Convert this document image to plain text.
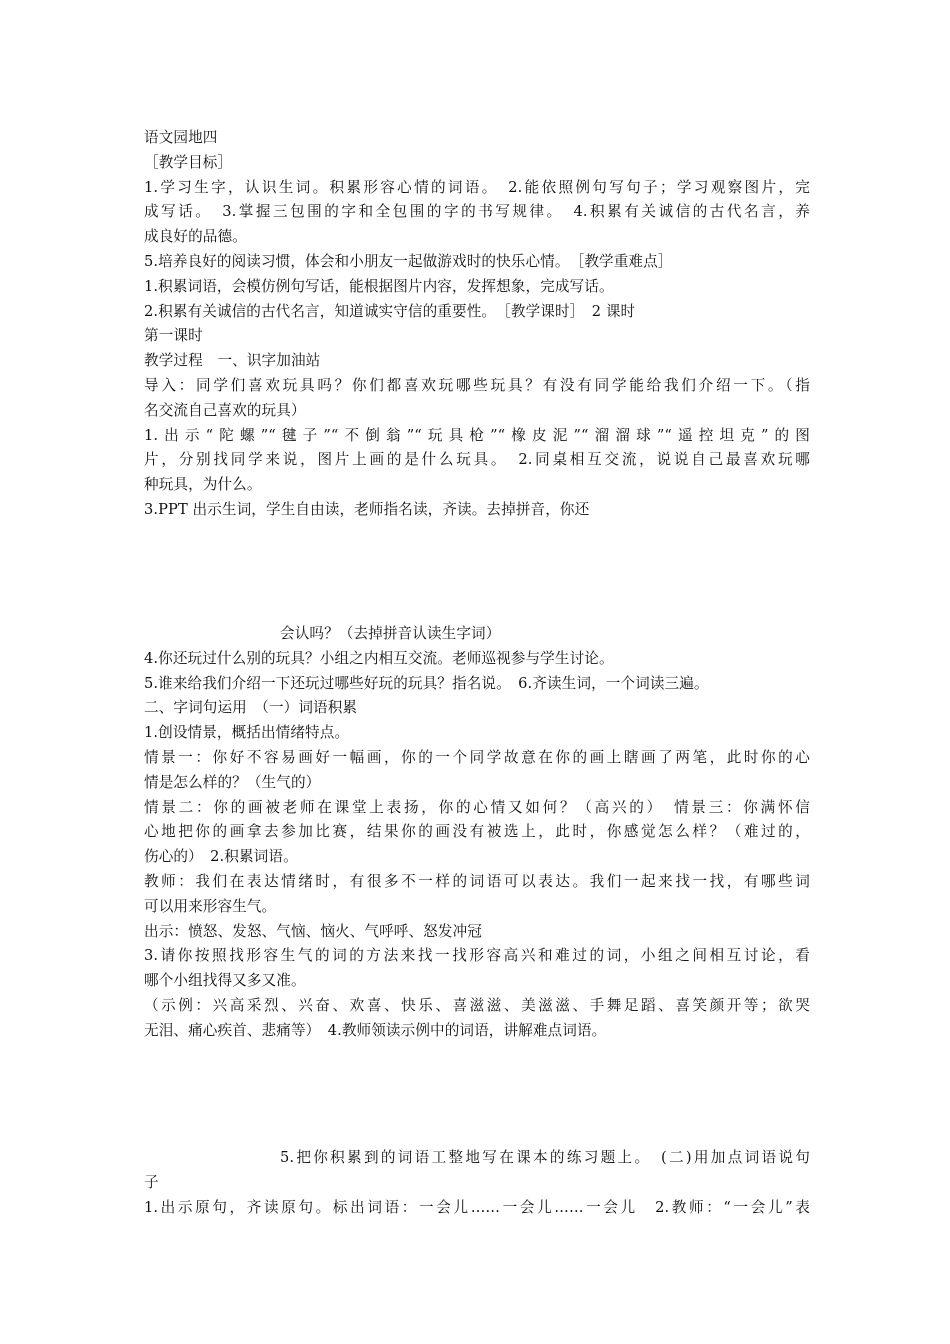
语文园地四
［教学目标］
1.学习生字，认识生词。积累形容心情的词语。　2.能依照例句写句子；学习观察图片，完
成写话。　3.掌握三包围的字和全包围的字的书写规律。　4.积累有关诚信的古代名言，养
成良好的品德。
5.培养良好的阅读习惯，体会和小朋友一起做游戏时的快乐心情。　［教学重难点］
1.积累词语，会模仿例句写话，能根据图片内容，发挥想象，完成写话。
2.积累有关诚信的古代名言，知道诚实守信的重要性。　［教学课时］　2 课时
第一课时
教学过程　一、识字加油站
导入：同学们喜欢玩具吗？你们都喜欢玩哪些玩具？有没有同学能给我们介绍一下。（指
名交流自己喜欢的玩具）
1.出示“陀螺”“毽子”“不倒翁”“玩具枪”“橡皮泥”“溜溜球”“遥控坦克”的图
片，分别找同学来说，图片上画的是什么玩具。　2.同桌相互交流，说说自己最喜欢玩哪
种玩具，为什么。
3.PPT 出示生词，学生自由读，老师指名读，齐读。去掉拼音，你还
会认吗？（去掉拼音认读生字词）
4.你还玩过什么别的玩具？小组之内相互交流。老师巡视参与学生讨论。
5.谁来给我们介绍一下还玩过哪些好玩的玩具？指名说。　6.齐读生词，一个词读三遍。
二、字词句运用　（一）词语积累
1.创设情景，概括出情绪特点。
情景一：你好不容易画好一幅画，你的一个同学故意在你的画上瞎画了两笔，此时你的心
情是怎么样的？（生气的）
情景二：你的画被老师在课堂上表扬，你的心情又如何？（高兴的）　情景三：你满怀信
心地把你的画拿去参加比赛，结果你的画没有被选上，此时，你感觉怎么样？（难过的，
伤心的）　2.积累词语。
教师：我们在表达情绪时，有很多不一样的词语可以表达。我们一起来找一找，有哪些词
可以用来形容生气。
出示：愤怒、发怒、气恼、恼火、气呼呼、怒发冲冠
3.请你按照找形容生气的词的方法来找一找形容高兴和难过的词，小组之间相互讨论，看
哪个小组找得又多又准。
（示例：兴高采烈、兴奋、欢喜、快乐、喜滋滋、美滋滋、手舞足蹈、喜笑颜开等；欲哭
无泪、痛心疾首、悲痛等）　4.教师领读示例中的词语，讲解难点词语。
5.把你积累到的词语工整地写在课本的练习题上。　(二)用加点词语说句
子
1.出示原句，齐读原句。标出词语：一会儿……一会儿……一会儿　2.教师：“一会儿”表
